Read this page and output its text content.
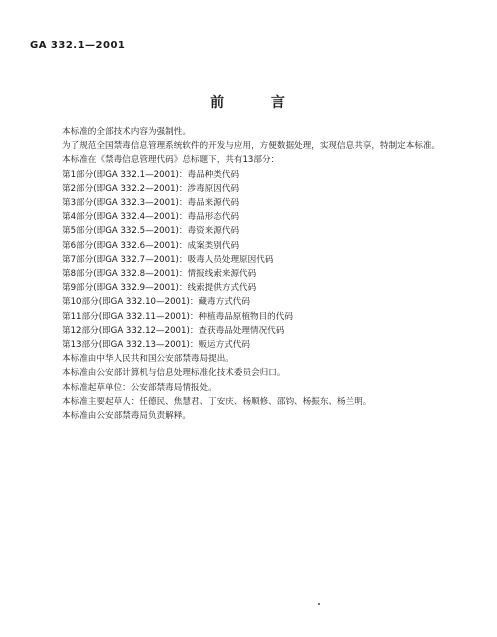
GA 332.1—2001
前 言
本标准的全部技术内容为强制性。
为了规范全国禁毒信息管理系统软件的开发与应用，方便数据处理，实现信息共享，特制定本标准。
本标准在《禁毒信息管理代码》总标题下，共有13部分：
第1部分(即GA 332.1—2001)：毒品种类代码
第2部分(即GA 332.2—2001)：涉毒原因代码
第3部分(即GA 332.3—2001)：毒品来源代码
第4部分(即GA 332.4—2001)：毒品形态代码
第5部分(即GA 332.5—2001)：毒资来源代码
第6部分(即GA 332.6—2001)：成案类别代码
第7部分(即GA 332.7—2001)：吸毒人员处理原因代码
第8部分(即GA 332.8—2001)：情报线索来源代码
第9部分(即GA 332.9—2001)：线索提供方式代码
第10部分(即GA 332.10—2001)：藏毒方式代码
第11部分(即GA 332.11—2001)：种植毒品原植物目的代码
第12部分(即GA 332.12—2001)：查获毒品处理情况代码
第13部分(即GA 332.13—2001)：贩运方式代码
本标准由中华人民共和国公安部禁毒局提出。
本标准由公安部计算机与信息处理标准化技术委员会归口。
本标准起草单位：公安部禁毒局情报处。
本标准主要起草人：任德民、焦慧君、丁安庆、杨顺修、邵钧、杨振东、杨兰明。
本标准由公安部禁毒局负责解释。
